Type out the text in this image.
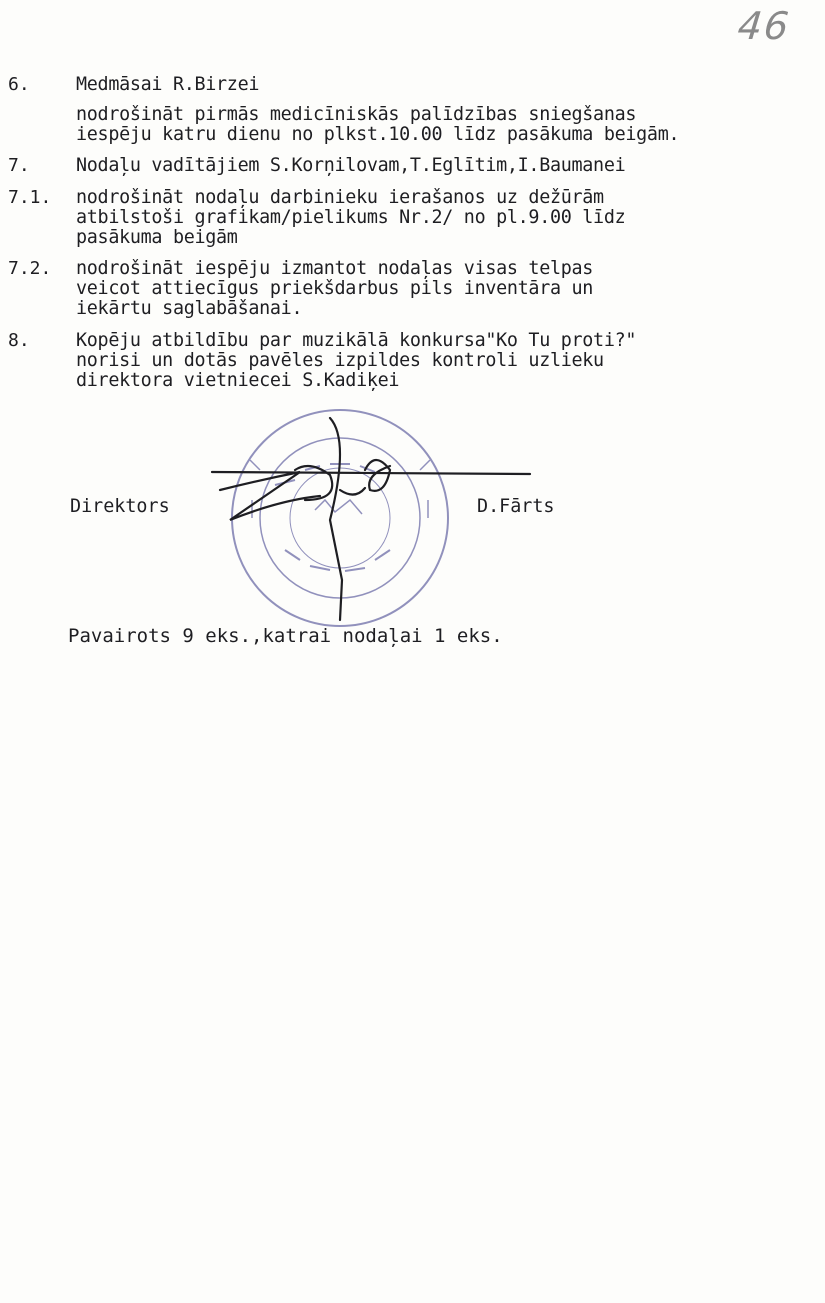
46
6.	Medmāsai R.Birzei
nodrošināt pirmās medicīniskās palīdzības sniegšanas
iespēju katru dienu no plkst.10.00 līdz pasākuma beigām.
7.	Nodaļu vadītājiem S.Korņilovam,T.Eglītim,I.Baumanei
7.1. nodrošināt nodaļu darbinieku ierašanos uz dežūrām
atbilstoši grafikam/pielikums Nr.2/ no pl.9.00 līdz
pasākuma beigām
7.2. nodrošināt iespēju izmantot nodaļas visas telpas
veicot attiecīgus priekšdarbus pils inventāra un
iekārtu saglabāšanai.
8.	Kopēju atbildību par muzikālā konkursa"Ko Tu proti?"
norisi un dotās pavēles izpildes kontroli uzlieku
direktora vietniecei S.Kadiķei
Direktors	D.Fārts
Pavairots 9 eks.,katrai nodaļai 1 eks.
